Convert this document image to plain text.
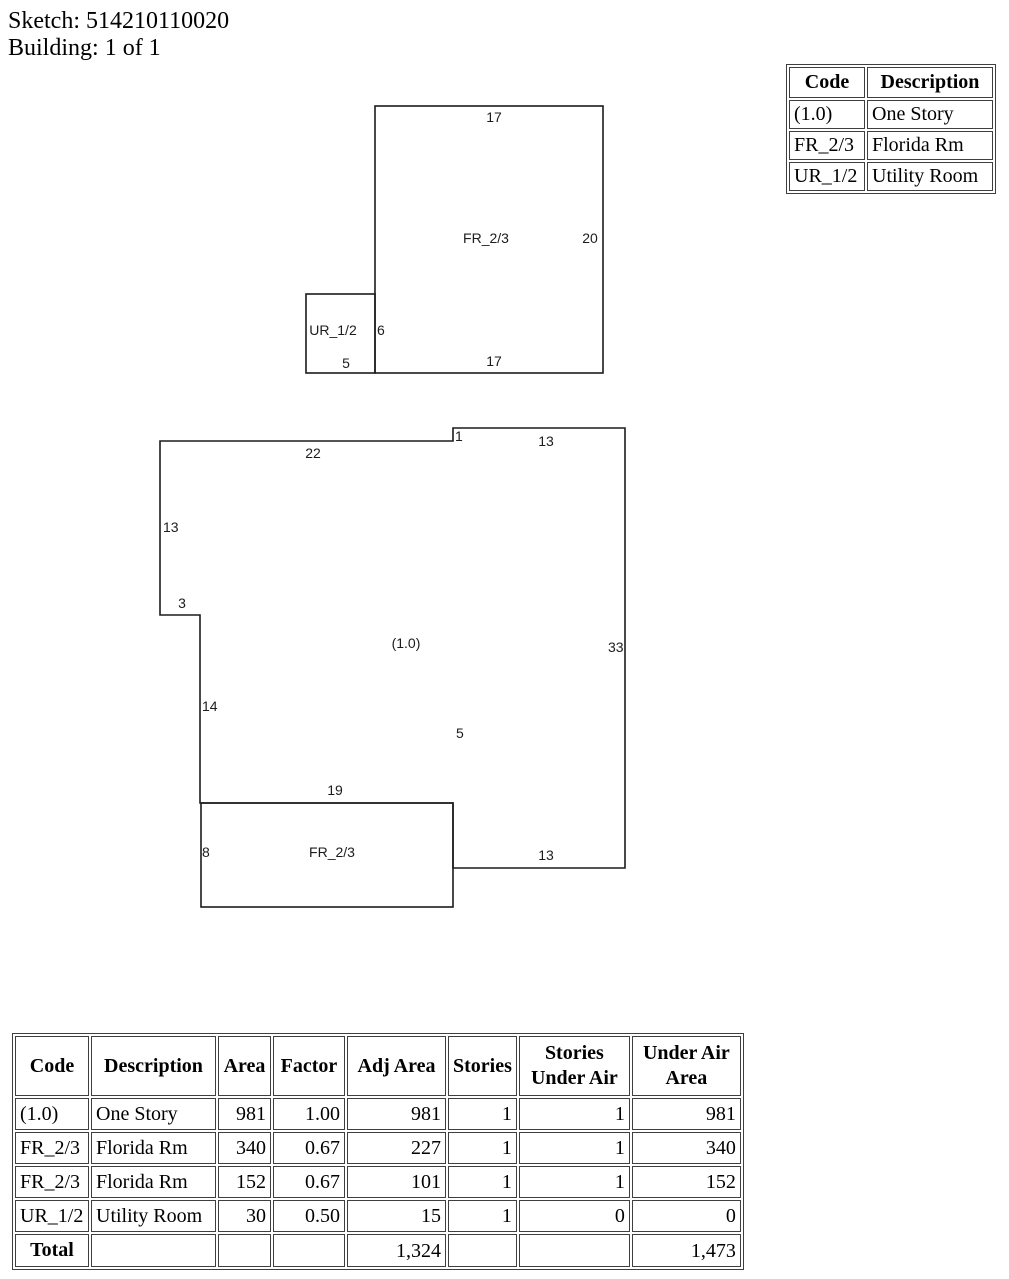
Sketch: 514210110020
Building: 1 of 1
Code	Description
(1.0)	One Story
FR_2/3	Florida Rm
UR_1/2	Utility Room
17
FR_2/3	20
UR_1/2 6
5	17
22
1	13
13
3
(1.0)	33
14
19
5
8	FR_2/3	13
Code	Description	Area	Factor	Adj Area	Stories	Stories Under Air	Under Air Area
(1.0)	One Story	981	1.00	981	1	1	981
FR_2/3	Florida Rm	340	0.67	227	1	1	340
FR_2/3	Florida Rm	152	0.67	101	1	1	152
UR_1/2	Utility Room	30	0.50	15	1	0	0
Total				1,324			1,473
